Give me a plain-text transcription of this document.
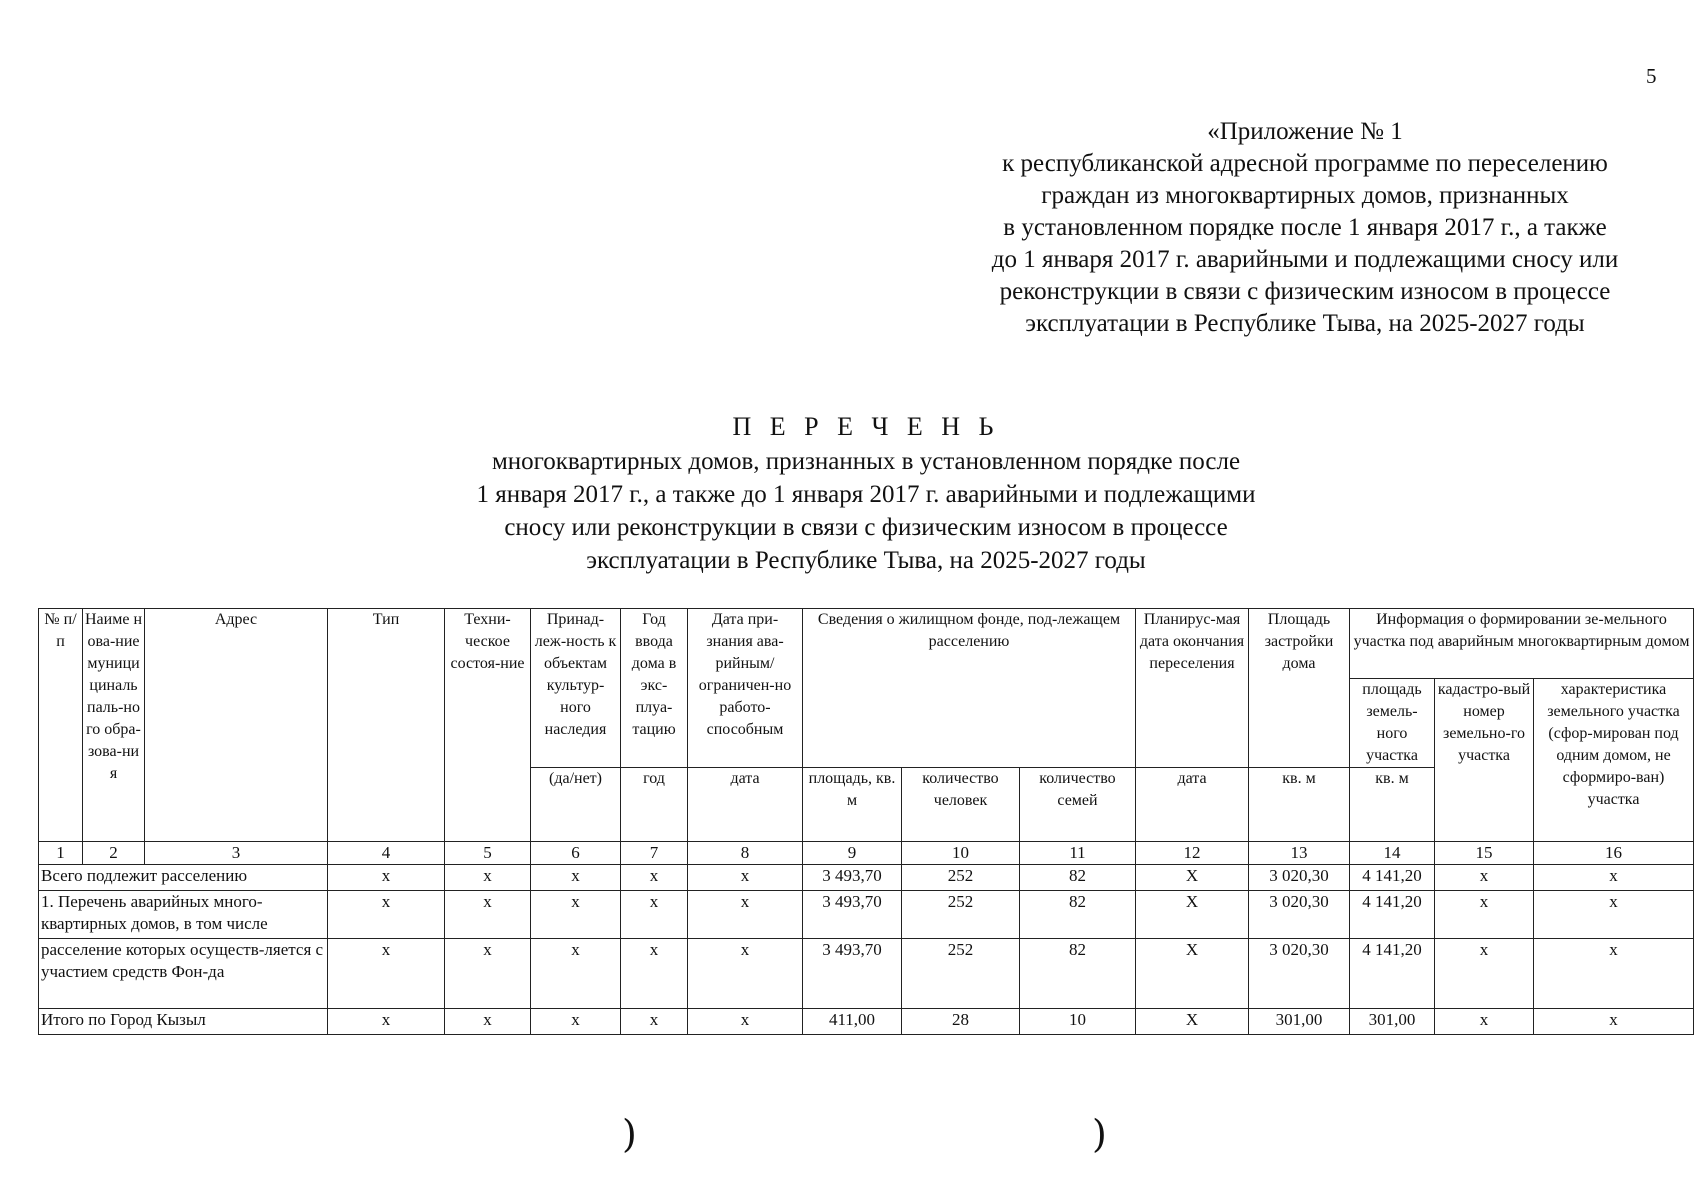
5
«Приложение № 1
к республиканской адресной программе по переселению
граждан из многоквартирных домов, признанных
в установленном порядке после 1 января 2017 г., а также
до 1 января 2017 г. аварийными и подлежащими сносу или
реконструкции в связи с физическим износом в процессе
эксплуатации в Республике Тыва, на 2025-2027 годы
П Е Р Е Ч Е Н Ь
многоквартирных домов, признанных в установленном порядке после
1 января 2017 г., а также до 1 января 2017 г. аварийными и подлежащими
сносу или реконструкции в связи с физическим износом в процессе
эксплуатации в Республике Тыва, на 2025-2027 годы
№ п/п	Наиме нова-ние муници циналь паль-ного обра-зова-ния	Адрес	Тип	Техни-ческое состоя-ние	Принад-леж-ность к объектам культур-ного наследия	Год ввода дома в экс-плуа-тацию	Дата при-знания ава-рийным/ ограничен-но работо-способным	Сведения о жилищном фонде, под-лежащем расселению			Планирус-мая дата окончания переселения	Площадь застройки дома	Информация о формировании зе-мельного участка под аварийным многоквартирным домом		
													площадь земель-ного участка	кадастро-вый номер земельно-го участка	характеристика земельного участка (сфор-мирован под одним домом, не сформиро-ван) участка
					(да/нет)	год	дата	площадь, кв. м	количество человек	количество семей	дата	кв. м	кв. м		
1	2	3	4	5	6	7	8	9	10	11	12	13	14	15	16
Всего подлежит расселению			x	x	x	x	x	3 493,70	252	82	Х	3 020,30	4 141,20	x	x
1. Перечень аварийных много-квартирных домов, в том числе			x	x	x	x	x	3 493,70	252	82	Х	3 020,30	4 141,20	x	x
расселение которых осуществ-ляется с участием средств Фон-да			x	x	x	x	x	3 493,70	252	82	Х	3 020,30	4 141,20	x	x
Итого по Город Кызыл			x	x	x	x	x	411,00	28	10	Х	301,00	301,00	x	x
)	)
